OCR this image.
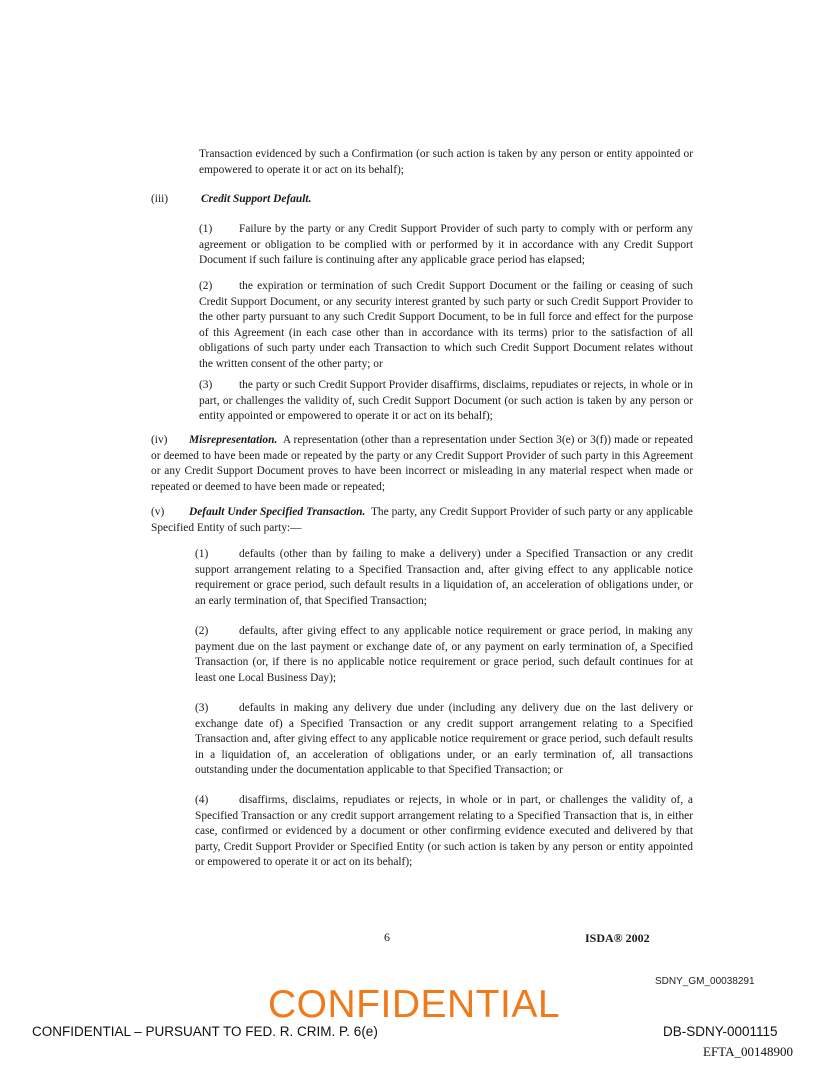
Transaction evidenced by such a Confirmation (or such action is taken by any person or entity appointed or empowered to operate it or act on its behalf);

(iii)	Credit Support Default.

(1) Failure by the party or any Credit Support Provider of such party to comply with or perform any agreement or obligation to be complied with or performed by it in accordance with any Credit Support Document if such failure is continuing after any applicable grace period has elapsed;

(2) the expiration or termination of such Credit Support Document or the failing or ceasing of such Credit Support Document, or any security interest granted by such party or such Credit Support Provider to the other party pursuant to any such Credit Support Document, to be in full force and effect for the purpose of this Agreement (in each case other than in accordance with its terms) prior to the satisfaction of all obligations of such party under each Transaction to which such Credit Support Document relates without the written consent of the other party; or

(3) the party or such Credit Support Provider disaffirms, disclaims, repudiates or rejects, in whole or in part, or challenges the validity of, such Credit Support Document (or such action is taken by any person or entity appointed or empowered to operate it or act on its behalf);

(iv) Misrepresentation. A representation (other than a representation under Section 3(e) or 3(f)) made or repeated or deemed to have been made or repeated by the party or any Credit Support Provider of such party in this Agreement or any Credit Support Document proves to have been incorrect or misleading in any material respect when made or repeated or deemed to have been made or repeated;

(v) Default Under Specified Transaction. The party, any Credit Support Provider of such party or any applicable Specified Entity of such party:—

(1)	defaults (other than by failing to make a delivery) under a Specified Transaction or any credit support arrangement relating to a Specified Transaction and, after giving effect to any applicable notice requirement or grace period, such default results in a liquidation of, an acceleration of obligations under, or an early termination of, that Specified Transaction;

(2)	defaults, after giving effect to any applicable notice requirement or grace period, in making any payment due on the last payment or exchange date of, or any payment on early termination of, a Specified Transaction (or, if there is no applicable notice requirement or grace period, such default continues for at least one Local Business Day);

(3)	defaults in making any delivery due under (including any delivery due on the last delivery or exchange date of) a Specified Transaction or any credit support arrangement relating to a Specified Transaction and, after giving effect to any applicable notice requirement or grace period, such default results in a liquidation of, an acceleration of obligations under, or an early termination of, all transactions outstanding under the documentation applicable to that Specified Transaction; or

(4)	disaffirms, disclaims, repudiates or rejects, in whole or in part, or challenges the validity of, a Specified Transaction or any credit support arrangement relating to a Specified Transaction that is, in either case, confirmed or evidenced by a document or other confirming evidence executed and delivered by that party, Credit Support Provider or Specified Entity (or such action is taken by any person or entity appointed or empowered to operate it or act on its behalf);

6	ISDA® 2002
SDNY_GM_00038291
CONFIDENTIAL
CONFIDENTIAL – PURSUANT TO FED. R. CRIM. P. 6(e)	DB-SDNY-0001115
EFTA_00148900
